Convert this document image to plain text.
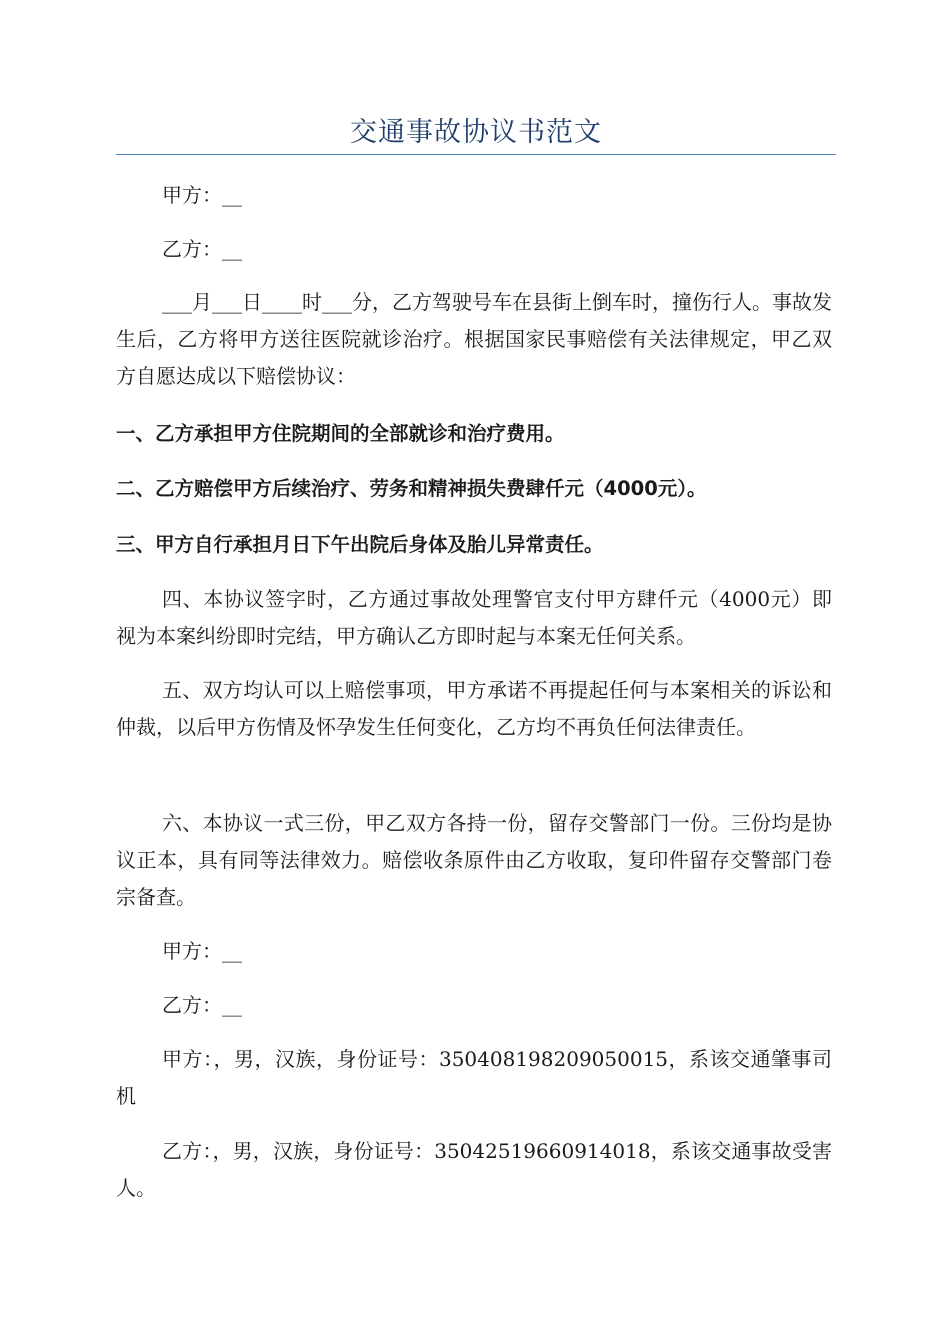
交通事故协议书范文

甲方：__

乙方：__

___月___日____时___分，乙方驾驶号车在县街上倒车时，撞伤行人。事故发生后，乙方将甲方送往医院就诊治疗。根据国家民事赔偿有关法律规定，甲乙双方自愿达成以下赔偿协议：

一、乙方承担甲方住院期间的全部就诊和治疗费用。

二、乙方赔偿甲方后续治疗、劳务和精神损失费肆仟元（4000元）。

三、甲方自行承担月日下午出院后身体及胎儿异常责任。

四、本协议签字时，乙方通过事故处理警官支付甲方肆仟元（4000元）即视为本案纠纷即时完结，甲方确认乙方即时起与本案无任何关系。

五、双方均认可以上赔偿事项，甲方承诺不再提起任何与本案相关的诉讼和仲裁，以后甲方伤情及怀孕发生任何变化，乙方均不再负任何法律责任。

六、本协议一式三份，甲乙双方各持一份，留存交警部门一份。三份均是协议正本，具有同等法律效力。赔偿收条原件由乙方收取，复印件留存交警部门卷宗备查。

甲方：__

乙方：__

甲方：，男，汉族，身份证号：350408198209050015，系该交通肇事司机

乙方：，男，汉族，身份证号：35042519660914018，系该交通事故受害人。
